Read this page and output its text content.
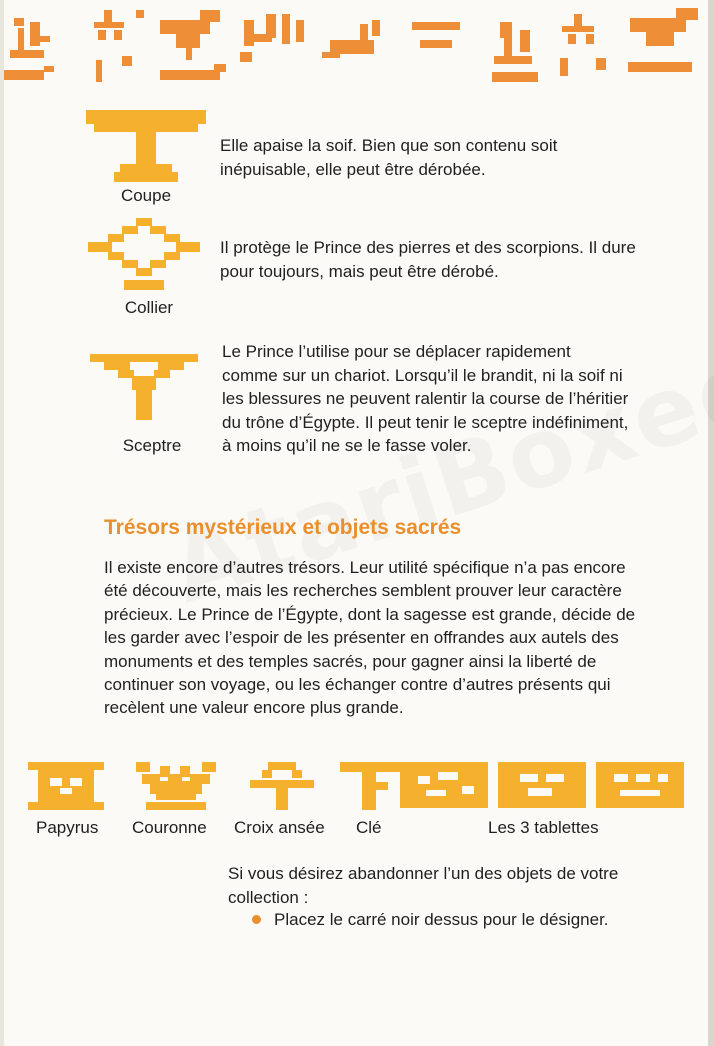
Coupe
Elle apaise la soif. Bien que son contenu soit inépuisable, elle peut être dérobée.
Collier
Il protège le Prince des pierres et des scorpions. Il dure pour toujours, mais peut être dérobé.
Sceptre
Le Prince l’utilise pour se déplacer rapidement comme sur un chariot. Lorsqu’il le brandit, ni la soif ni les blessures ne peuvent ralentir la course de l’héritier du trône d’Égypte. Il peut tenir le sceptre indéfiniment, à moins qu’il ne se le fasse voler.
Trésors mystérieux et objets sacrés
Il existe encore d’autres trésors. Leur utilité spécifique n’a pas encore été découverte, mais les recherches semblent prouver leur caractère précieux. Le Prince de l’Égypte, dont la sagesse est grande, décide de les garder avec l’espoir de les présenter en offrandes aux autels des monuments et des temples sacrés, pour gagner ainsi la liberté de continuer son voyage, ou les échanger contre d’autres présents qui recèlent une valeur encore plus grande.
Papyrus Couronne Croix ansée Clé	Les 3 tablettes
Si vous désirez abandonner l’un des objets de votre collection :
Placez le carré noir dessus pour le désigner.
